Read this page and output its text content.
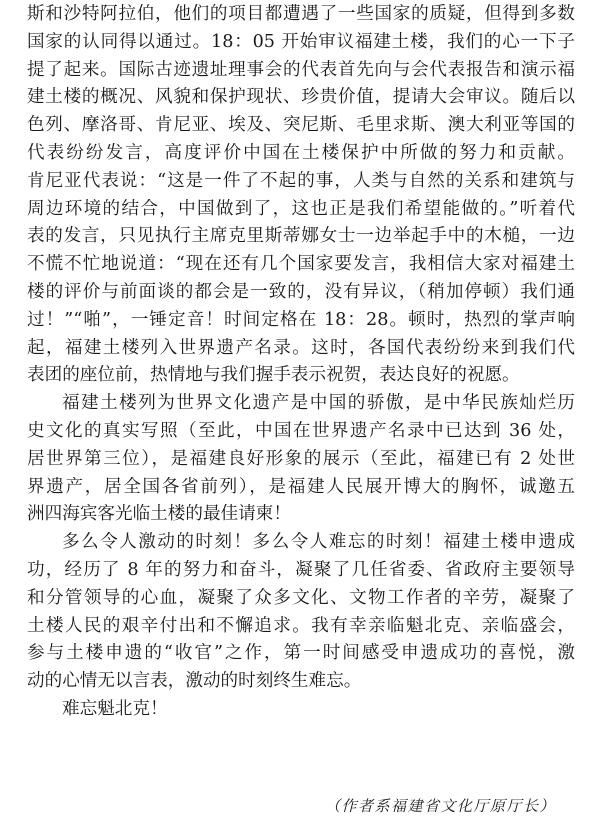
斯和沙特阿拉伯，他们的项目都遭遇了一些国家的质疑，但得到多数
国家的认同得以通过。18：05 开始审议福建土楼，我们的心一下子
提了起来。国际古迹遗址理事会的代表首先向与会代表报告和演示福
建土楼的概况、风貌和保护现状、珍贵价值，提请大会审议。随后以
色列、摩洛哥、肯尼亚、埃及、突尼斯、毛里求斯、澳大利亚等国的
代表纷纷发言，高度评价中国在土楼保护中所做的努力和贡献。
肯尼亚代表说：“这是一件了不起的事，人类与自然的关系和建筑与
周边环境的结合，中国做到了，这也正是我们希望能做的。”听着代
表的发言，只见执行主席克里斯蒂娜女士一边举起手中的木槌，一边
不慌不忙地说道：“现在还有几个国家要发言，我相信大家对福建土
楼的评价与前面谈的都会是一致的，没有异议，（稍加停顿）我们通
过！”“啪”，一锤定音！时间定格在 18：28。顿时，热烈的掌声响
起，福建土楼列入世界遗产名录。这时，各国代表纷纷来到我们代
表团的座位前，热情地与我们握手表示祝贺，表达良好的祝愿。
福建土楼列为世界文化遗产是中国的骄傲，是中华民族灿烂历
史文化的真实写照（至此，中国在世界遗产名录中已达到 36 处，
居世界第三位），是福建良好形象的展示（至此，福建已有 2 处世
界遗产，居全国各省前列），是福建人民展开博大的胸怀，诚邀五
洲四海宾客光临土楼的最佳请柬！
多么令人激动的时刻！多么令人难忘的时刻！福建土楼申遗成
功，经历了 8 年的努力和奋斗，凝聚了几任省委、省政府主要领导
和分管领导的心血，凝聚了众多文化、文物工作者的辛劳，凝聚了
土楼人民的艰辛付出和不懈追求。我有幸亲临魁北克、亲临盛会，
参与土楼申遗的“收官”之作，第一时间感受申遗成功的喜悦，激
动的心情无以言表，激动的时刻终生难忘。
难忘魁北克！
（作者系福建省文化厅原厅长）
